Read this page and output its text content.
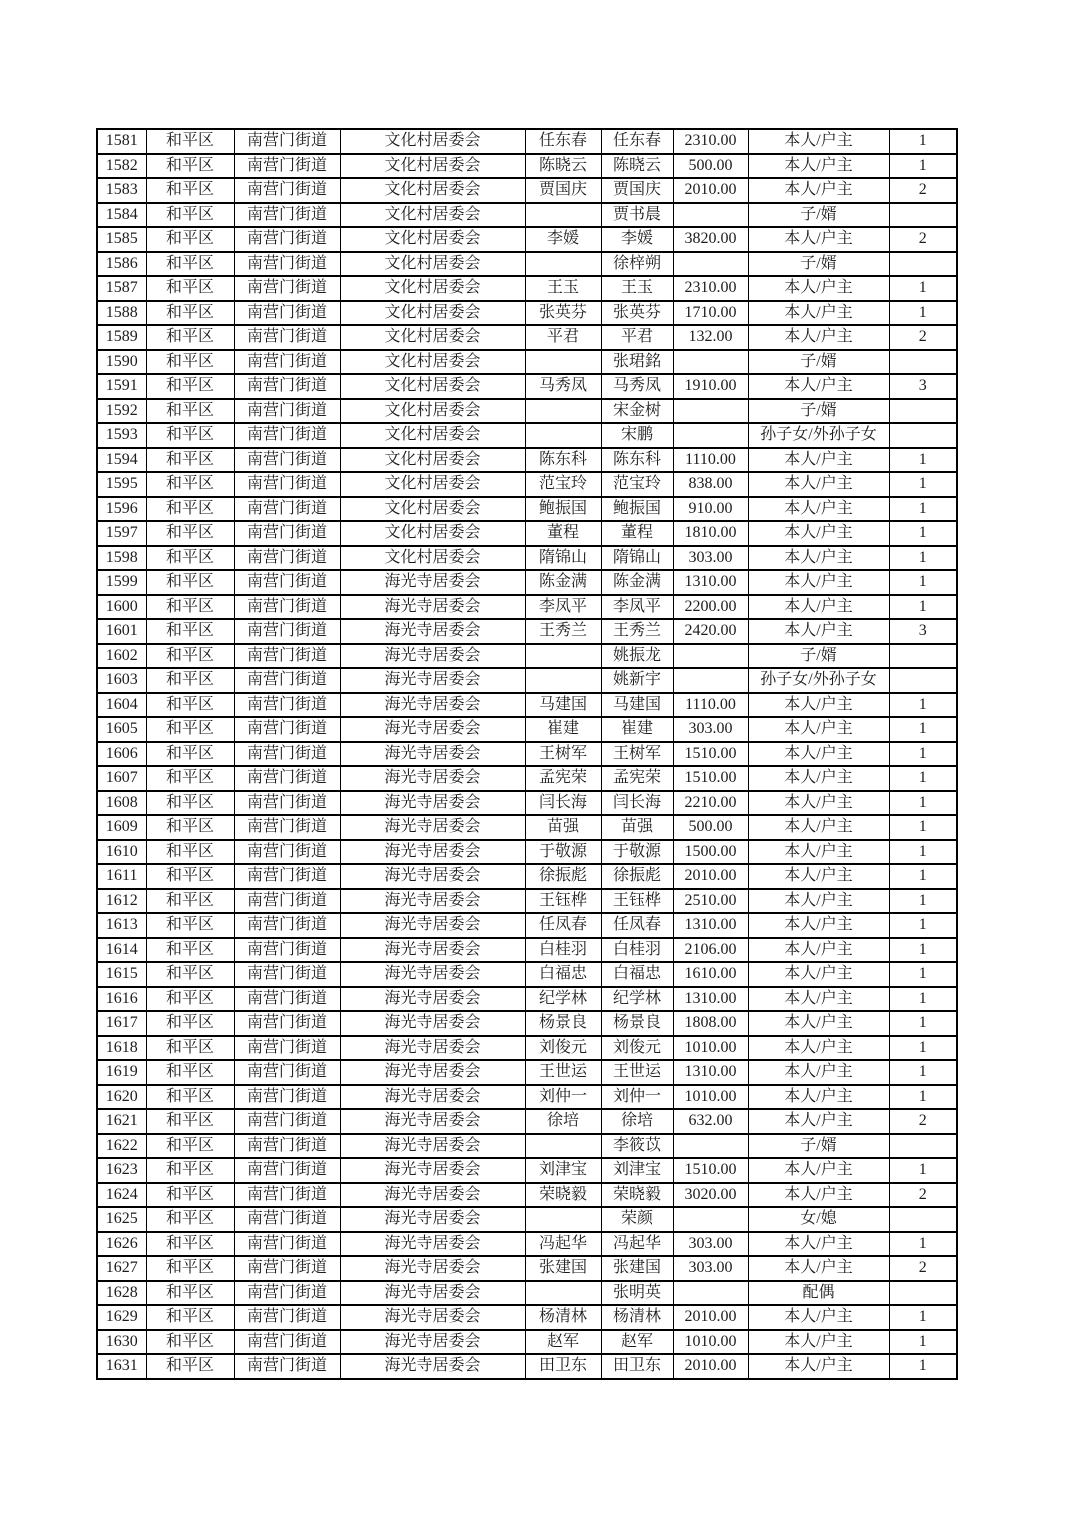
1581	和平区	南营门街道	文化村居委会	任东春	任东春	2310.00	本人/户主	1
1582	和平区	南营门街道	文化村居委会	陈晓云	陈晓云	500.00	本人/户主	1
1583	和平区	南营门街道	文化村居委会	贾国庆	贾国庆	2010.00	本人/户主	2
1584	和平区	南营门街道	文化村居委会		贾书晨		子/婿	
1585	和平区	南营门街道	文化村居委会	李媛	李媛	3820.00	本人/户主	2
1586	和平区	南营门街道	文化村居委会		徐梓朔		子/婿	
1587	和平区	南营门街道	文化村居委会	王玉	王玉	2310.00	本人/户主	1
1588	和平区	南营门街道	文化村居委会	张英芬	张英芬	1710.00	本人/户主	1
1589	和平区	南营门街道	文化村居委会	平君	平君	132.00	本人/户主	2
1590	和平区	南营门街道	文化村居委会		张珺銘		子/婿	
1591	和平区	南营门街道	文化村居委会	马秀凤	马秀凤	1910.00	本人/户主	3
1592	和平区	南营门街道	文化村居委会		宋金树		子/婿	
1593	和平区	南营门街道	文化村居委会		宋鹏		孙子女/外孙子女	
1594	和平区	南营门街道	文化村居委会	陈东科	陈东科	1110.00	本人/户主	1
1595	和平区	南营门街道	文化村居委会	范宝玲	范宝玲	838.00	本人/户主	1
1596	和平区	南营门街道	文化村居委会	鲍振国	鲍振国	910.00	本人/户主	1
1597	和平区	南营门街道	文化村居委会	董程	董程	1810.00	本人/户主	1
1598	和平区	南营门街道	文化村居委会	隋锦山	隋锦山	303.00	本人/户主	1
1599	和平区	南营门街道	海光寺居委会	陈金满	陈金满	1310.00	本人/户主	1
1600	和平区	南营门街道	海光寺居委会	李凤平	李凤平	2200.00	本人/户主	1
1601	和平区	南营门街道	海光寺居委会	王秀兰	王秀兰	2420.00	本人/户主	3
1602	和平区	南营门街道	海光寺居委会		姚振龙		子/婿	
1603	和平区	南营门街道	海光寺居委会		姚新宇		孙子女/外孙子女	
1604	和平区	南营门街道	海光寺居委会	马建国	马建国	1110.00	本人/户主	1
1605	和平区	南营门街道	海光寺居委会	崔建	崔建	303.00	本人/户主	1
1606	和平区	南营门街道	海光寺居委会	王树军	王树军	1510.00	本人/户主	1
1607	和平区	南营门街道	海光寺居委会	孟宪荣	孟宪荣	1510.00	本人/户主	1
1608	和平区	南营门街道	海光寺居委会	闫长海	闫长海	2210.00	本人/户主	1
1609	和平区	南营门街道	海光寺居委会	苗强	苗强	500.00	本人/户主	1
1610	和平区	南营门街道	海光寺居委会	于敬源	于敬源	1500.00	本人/户主	1
1611	和平区	南营门街道	海光寺居委会	徐振彪	徐振彪	2010.00	本人/户主	1
1612	和平区	南营门街道	海光寺居委会	王钰桦	王钰桦	2510.00	本人/户主	1
1613	和平区	南营门街道	海光寺居委会	任凤春	任凤春	1310.00	本人/户主	1
1614	和平区	南营门街道	海光寺居委会	白桂羽	白桂羽	2106.00	本人/户主	1
1615	和平区	南营门街道	海光寺居委会	白福忠	白福忠	1610.00	本人/户主	1
1616	和平区	南营门街道	海光寺居委会	纪学林	纪学林	1310.00	本人/户主	1
1617	和平区	南营门街道	海光寺居委会	杨景良	杨景良	1808.00	本人/户主	1
1618	和平区	南营门街道	海光寺居委会	刘俊元	刘俊元	1010.00	本人/户主	1
1619	和平区	南营门街道	海光寺居委会	王世运	王世运	1310.00	本人/户主	1
1620	和平区	南营门街道	海光寺居委会	刘仲一	刘仲一	1010.00	本人/户主	1
1621	和平区	南营门街道	海光寺居委会	徐培	徐培	632.00	本人/户主	2
1622	和平区	南营门街道	海光寺居委会		李筱苡		子/婿	
1623	和平区	南营门街道	海光寺居委会	刘津宝	刘津宝	1510.00	本人/户主	1
1624	和平区	南营门街道	海光寺居委会	荣晓毅	荣晓毅	3020.00	本人/户主	2
1625	和平区	南营门街道	海光寺居委会		荣颜		女/媳	
1626	和平区	南营门街道	海光寺居委会	冯起华	冯起华	303.00	本人/户主	1
1627	和平区	南营门街道	海光寺居委会	张建国	张建国	303.00	本人/户主	2
1628	和平区	南营门街道	海光寺居委会		张明英		配偶	
1629	和平区	南营门街道	海光寺居委会	杨清林	杨清林	2010.00	本人/户主	1
1630	和平区	南营门街道	海光寺居委会	赵军	赵军	1010.00	本人/户主	1
1631	和平区	南营门街道	海光寺居委会	田卫东	田卫东	2010.00	本人/户主	1
